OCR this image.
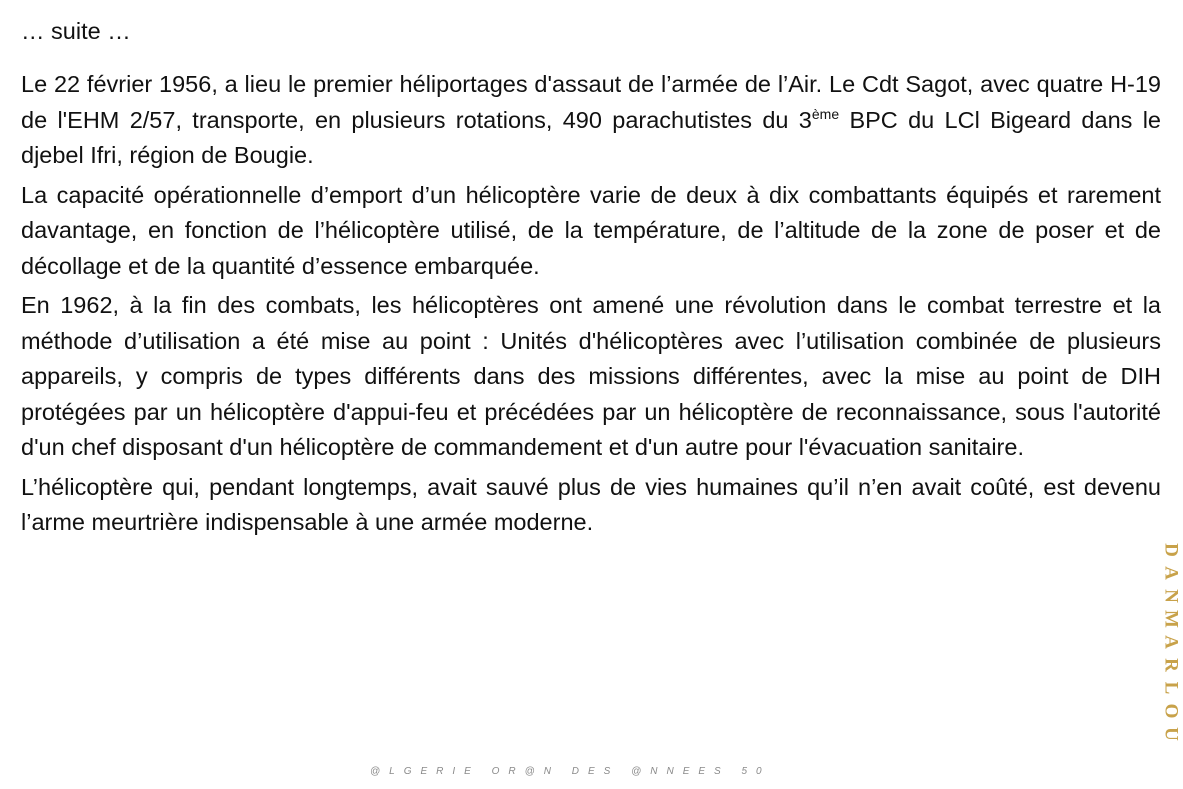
… suite …

Le 22 février 1956, a lieu le premier héliportages d'assaut de l’armée de l’Air. Le Cdt Sagot, avec quatre H-19 de l'EHM 2/57, transporte, en plusieurs rotations, 490 parachutistes du 3ème BPC du LCl Bigeard dans le djebel Ifri, région de Bougie.

La capacité opérationnelle d’emport d’un hélicoptère varie de deux à dix combattants équipés et rarement davantage, en fonction de l’hélicoptère utilisé, de la température, de l’altitude de la zone de poser et de décollage et de la quantité d’essence embarquée.

En 1962, à la fin des combats, les hélicoptères ont amené une révolution dans le combat terrestre et la méthode d’utilisation a été mise au point : Unités d'hélicoptères avec l’utilisation combinée de plusieurs appareils, y compris de types différents dans des missions différentes, avec la mise au point de DIH protégées par un hélicoptère d'appui-feu et précédées par un hélicoptère de reconnaissance, sous l'autorité d'un chef disposant d'un hélicoptère de commandement et d'un autre pour l'évacuation sanitaire.

L’hélicoptère qui, pendant longtemps, avait sauvé plus de vies humaines qu’il n’en avait coûté, est devenu l’arme meurtrière indispensable à une armée moderne.

@LGERIE OR@N DES @NNEES 50
D
A
N
M
A
R
L
O
U
